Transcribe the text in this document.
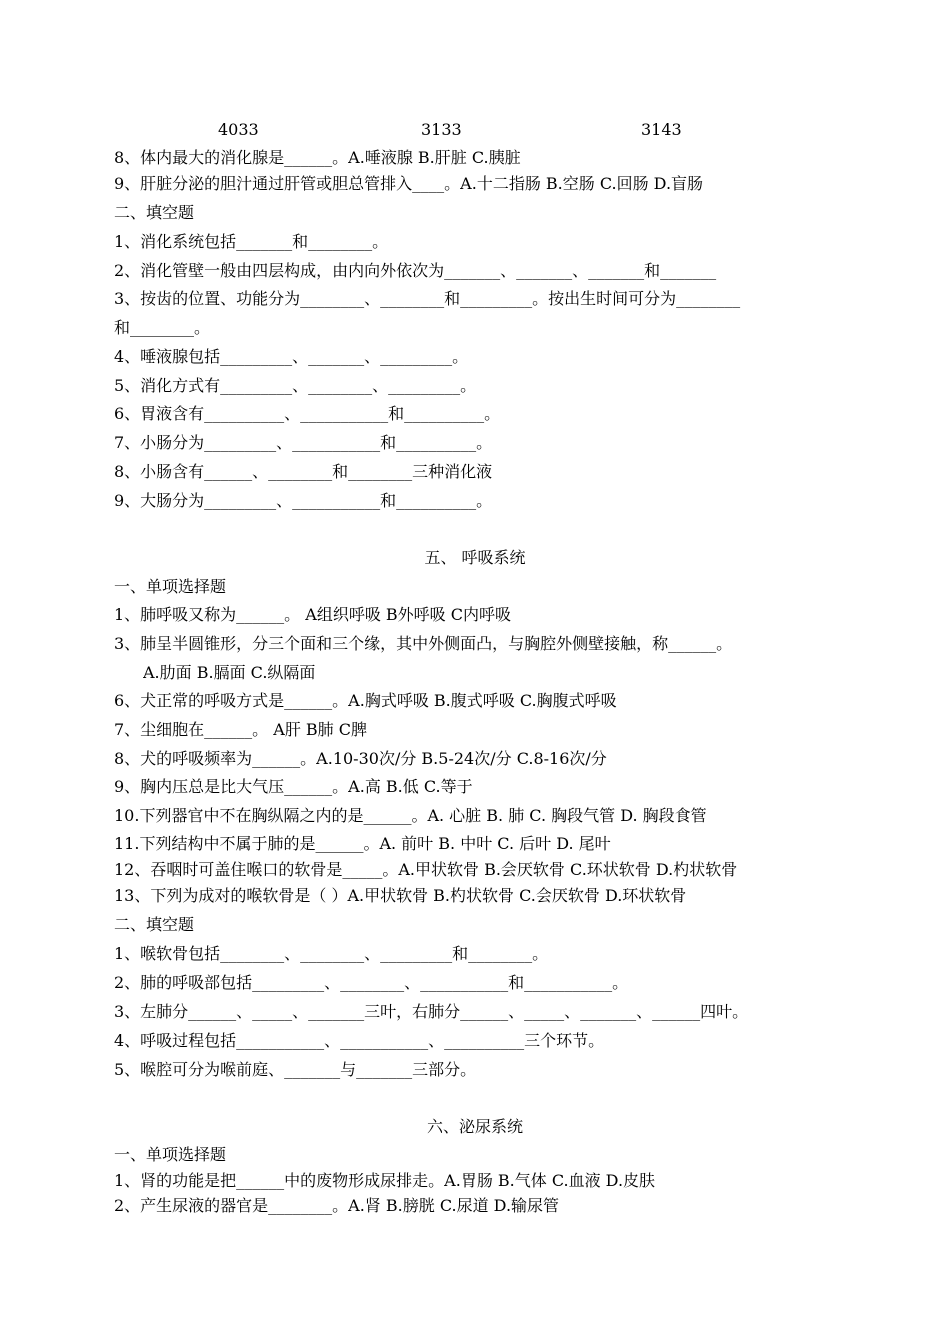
4033	3133	3143
8、体内最大的消化腺是______。A.唾液腺 B.肝脏 C.胰脏
9、肝脏分泌的胆汁通过肝管或胆总管排入____。A.十二指肠 B.空肠 C.回肠 D.盲肠
二、填空题
1、消化系统包括_______和________。
2、消化管壁一般由四层构成，由内向外依次为_______、_______、_______和_______
3、按齿的位置、功能分为________、________和_________。按出生时间可分为________
和________。
4、唾液腺包括_________、_______、_________。
5、消化方式有_________、________、_________。
6、胃液含有__________、___________和__________。
7、小肠分为_________、___________和__________。
8、小肠含有______、________和________三种消化液
9、大肠分为_________、___________和__________。
五、 呼吸系统
一、单项选择题
1、肺呼吸又称为______。 A组织呼吸 B外呼吸 C内呼吸
3、肺呈半圆锥形，分三个面和三个缘，其中外侧面凸，与胸腔外侧壁接触，称______。
A.肋面 B.膈面 C.纵隔面
6、犬正常的呼吸方式是______。A.胸式呼吸 B.腹式呼吸 C.胸腹式呼吸
7、尘细胞在______。 A肝 B肺 C脾
8、犬的呼吸频率为______。A.10-30次/分 B.5-24次/分 C.8-16次/分
9、胸内压总是比大气压______。A.高 B.低 C.等于
10.下列器官中不在胸纵隔之内的是______。A. 心脏 B. 肺 C. 胸段气管 D. 胸段食管
11.下列结构中不属于肺的是______。A. 前叶 B. 中叶 C. 后叶 D. 尾叶
12、吞咽时可盖住喉口的软骨是_____。A.甲状软骨 B.会厌软骨 C.环状软骨 D.杓状软骨
13、下列为成对的喉软骨是（ ）A.甲状软骨 B.杓状软骨 C.会厌软骨 D.环状软骨
二、填空题
1、喉软骨包括________、________、_________和________。
2、肺的呼吸部包括_________、________、___________和___________。
3、左肺分______、_____、_______三叶，右肺分______、_____、_______、______四叶。
4、呼吸过程包括___________、___________、__________三个环节。
5、喉腔可分为喉前庭、_______与_______三部分。
六、泌尿系统
一、单项选择题
1、肾的功能是把______中的废物形成尿排走。A.胃肠 B.气体 C.血液 D.皮肤
2、产生尿液的器官是________。A.肾 B.膀胱 C.尿道 D.输尿管
